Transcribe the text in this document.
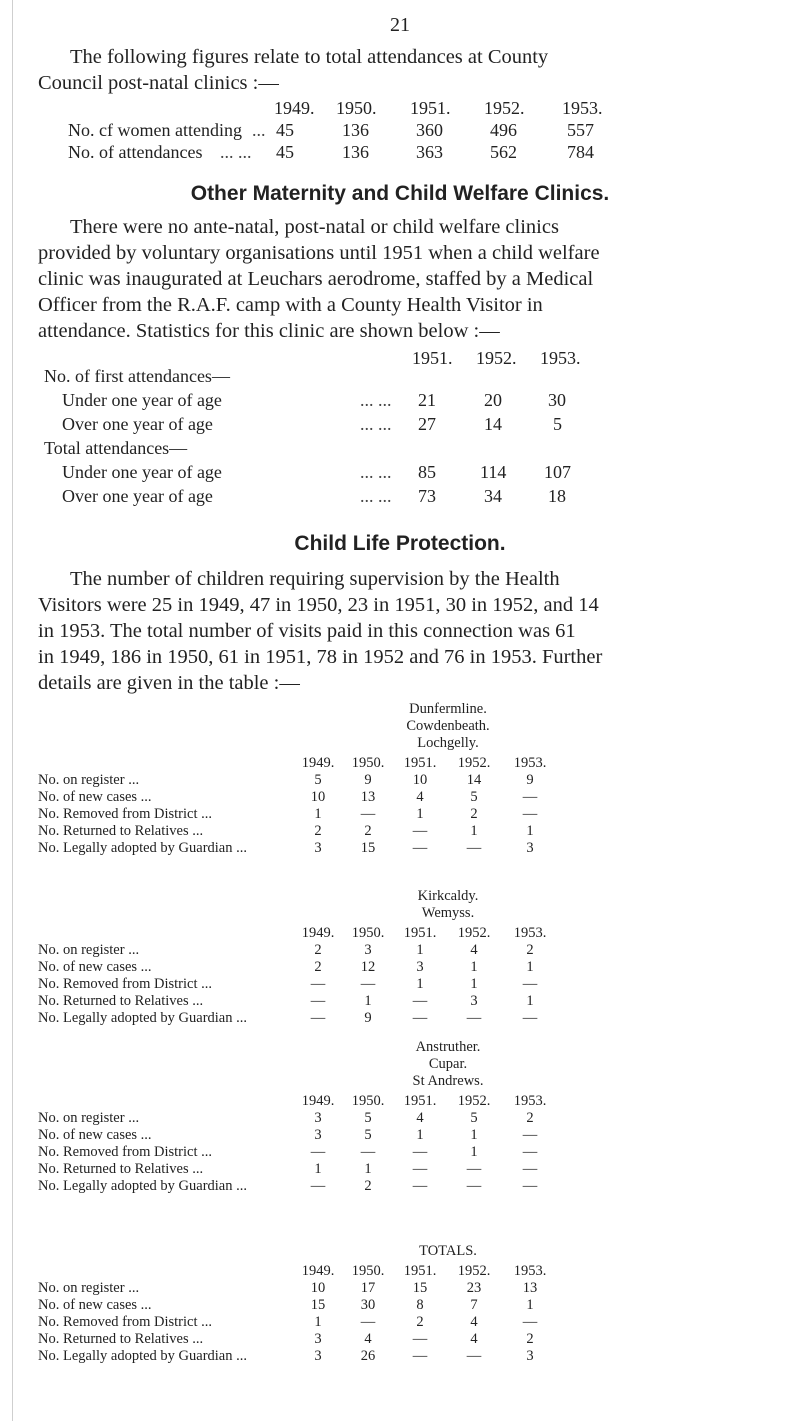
21
The following figures relate to total attendances at County
Council post-natal clinics :—
1949. 1950. 1951. 1952. 1953.
No. cf women attending ... 45	136	360	496	557
No. of attendances ... ... 45	136	363	562	784
Other Maternity and Child Welfare Clinics.
There were no ante-natal, post-natal or child welfare clinics
provided by voluntary organisations until 1951 when a child welfare
clinic was inaugurated at Leuchars aerodrome, staffed by a Medical
Officer from the R.A.F. camp with a County Health Visitor in
attendance. Statistics for this clinic are shown below :—
1951. 1952. 1953.
No. of first attendances—
Under one year of age	... ... 21	20	30
Over one year of age	... ... 27	14	5
Total attendances—
Under one year of age	... ... 85 114 107
Over one year of age	... ... 73	34	18
Child Life Protection.
The number of children requiring supervision by the Health
Visitors were 25 in 1949, 47 in 1950, 23 in 1951, 30 in 1952, and 14
in 1953. The total number of visits paid in this connection was 61
in 1949, 186 in 1950, 61 in 1951, 78 in 1952 and 76 in 1953. Further
details are given in the table :—
Dunfermline.
Cowdenbeath.
Lochgelly.
1949.	1950.	1951.	1952.	1953.
No. on register ...	5	9	10	14	9
No. of new cases ...	10	13	4	5	—
No. Removed from District ...	1	—	1	2	—
No. Returned to Relatives ...	2	2	—	1	1
No. Legally adopted by Guardian ...	3	15	—	—	3
Kirkcaldy.
Wemyss.
1949.	1950.	1951.	1952.	1953.
No. on register ...	2	3	1	4	2
No. of new cases ...	2	12	3	1	1
No. Removed from District ...	—	—	1	1	—
No. Returned to Relatives ...	—	1	—	3	1
No. Legally adopted by Guardian ...	—	9	—	—	—
Anstruther.
Cupar.
St Andrews.
1949.	1950.	1951.	1952.	1953.
No. on register ...	3	5	4	5	2
No. of new cases ...	3	5	1	1	—
No. Removed from District ...	—	—	—	1	—
No. Returned to Relatives ...	1	1	—	—	—
No. Legally adopted by Guardian ...	—	2	—	—	—
TOTALS.
1949.	1950.	1951.	1952.	1953.
No. on register ...	10	17	15	23	13
No. of new cases ...	15	30	8	7	1
No. Removed from District ...	1	—	2	4	—
No. Returned to Relatives ...	3	4	—	4	2
No. Legally adopted by Guardian ...	3	26	—	—	3
